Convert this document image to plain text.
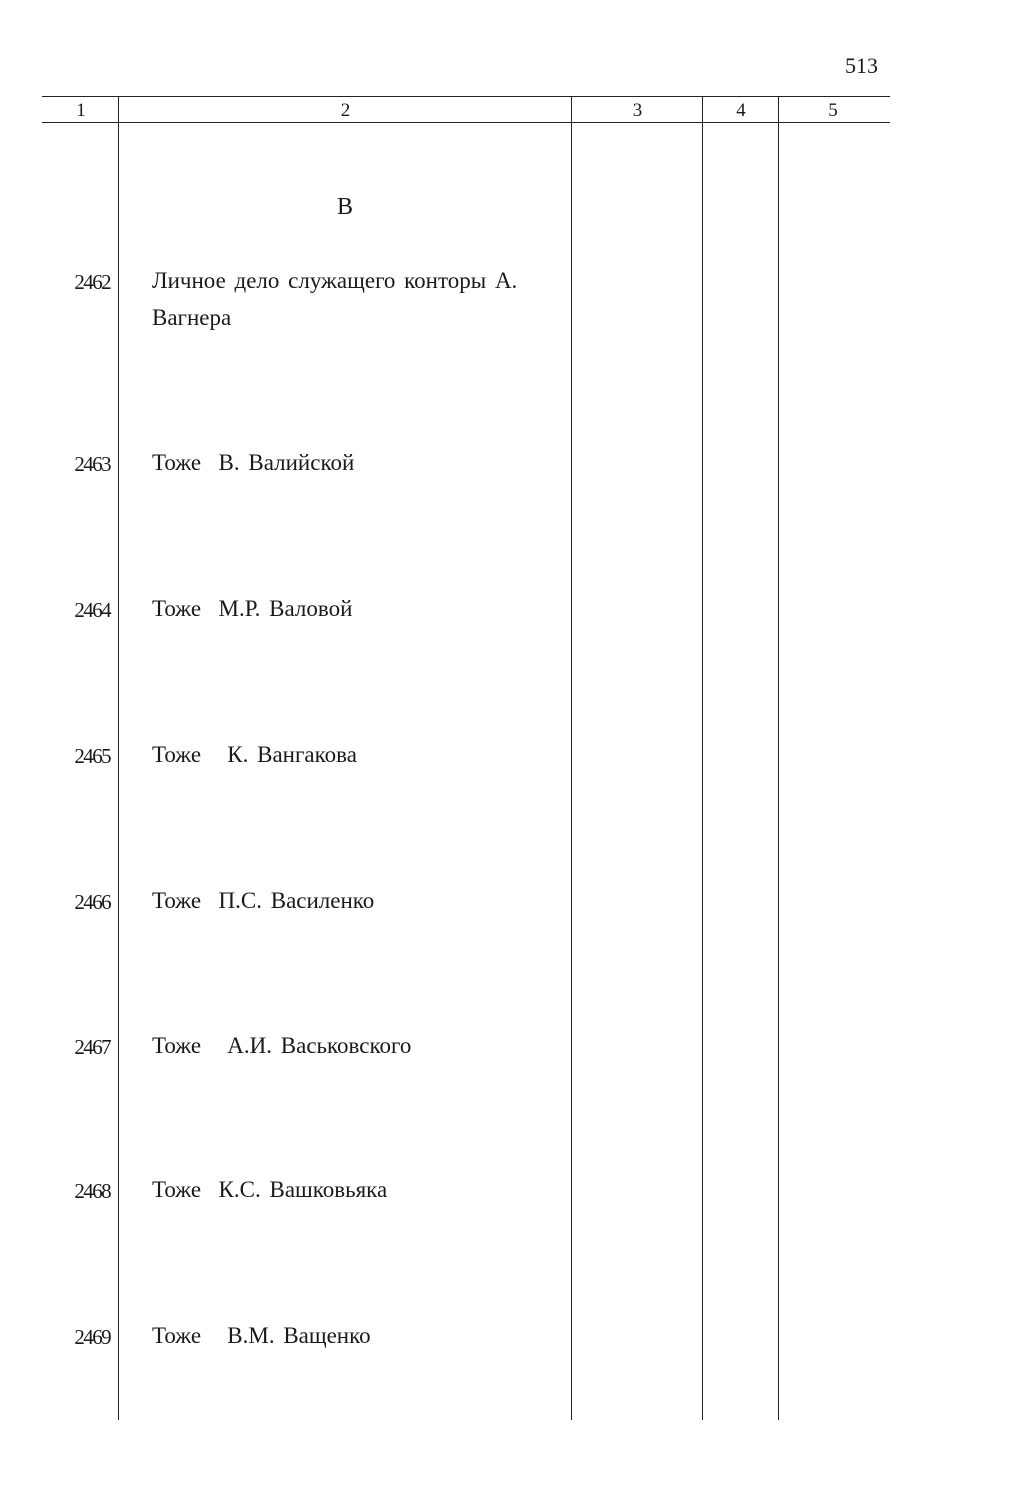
513
1	2	3	4	5
В
2462 Личное дело служащего конторы А. Вагнера
2463 Тоже  В. Валийской
2464 Тоже  М.Р. Валовой
2465 Тоже   К. Вангакова
2466 Тоже  П.С. Василенко
2467 Тоже   А.И. Васьковского
2468 Тоже  К.С. Вашковьяка
2469 Тоже   В.М. Ващенко
